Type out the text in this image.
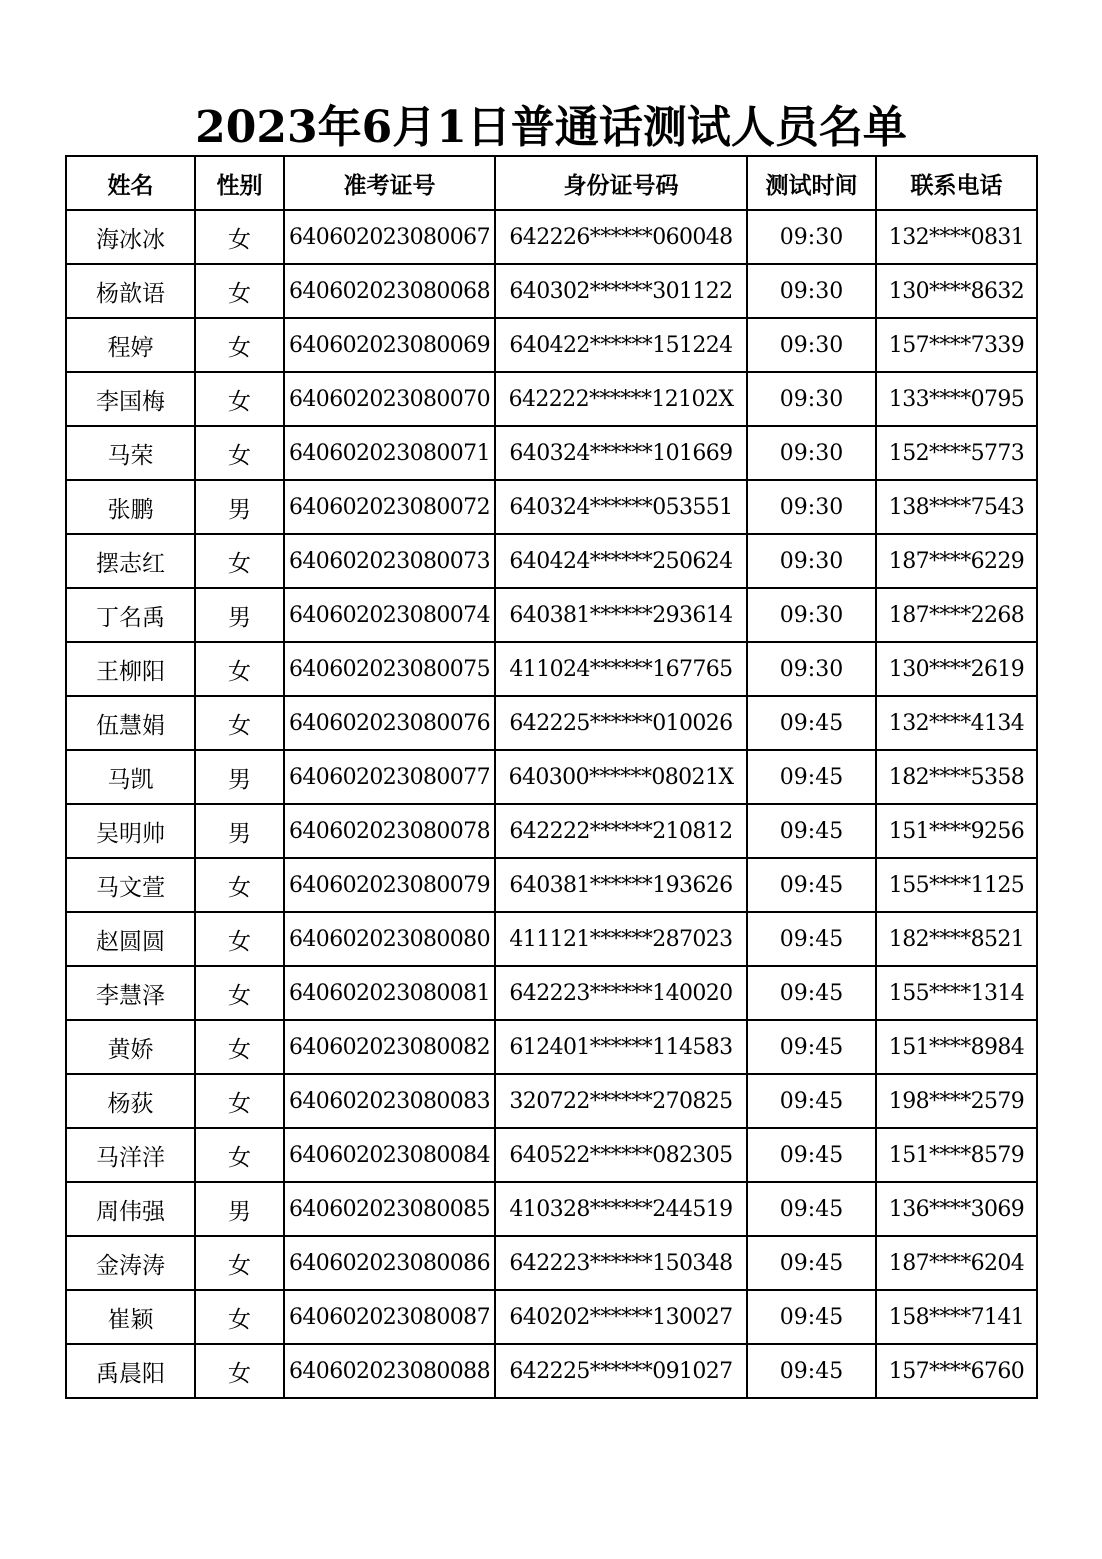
2023年6月1日普通话测试人员名单
姓名	性别	准考证号	身份证号码	测试时间	联系电话
海冰冰	女	640602023080067	642226******060048	09:30	132****0831
杨歆语	女	640602023080068	640302******301122	09:30	130****8632
程婷	女	640602023080069	640422******151224	09:30	157****7339
李国梅	女	640602023080070	642222******12102X	09:30	133****0795
马荣	女	640602023080071	640324******101669	09:30	152****5773
张鹏	男	640602023080072	640324******053551	09:30	138****7543
摆志红	女	640602023080073	640424******250624	09:30	187****6229
丁名禹	男	640602023080074	640381******293614	09:30	187****2268
王柳阳	女	640602023080075	411024******167765	09:30	130****2619
伍慧娟	女	640602023080076	642225******010026	09:45	132****4134
马凯	男	640602023080077	640300******08021X	09:45	182****5358
吴明帅	男	640602023080078	642222******210812	09:45	151****9256
马文萱	女	640602023080079	640381******193626	09:45	155****1125
赵圆圆	女	640602023080080	411121******287023	09:45	182****8521
李慧泽	女	640602023080081	642223******140020	09:45	155****1314
黄娇	女	640602023080082	612401******114583	09:45	151****8984
杨荻	女	640602023080083	320722******270825	09:45	198****2579
马洋洋	女	640602023080084	640522******082305	09:45	151****8579
周伟强	男	640602023080085	410328******244519	09:45	136****3069
金涛涛	女	640602023080086	642223******150348	09:45	187****6204
崔颖	女	640602023080087	640202******130027	09:45	158****7141
禹晨阳	女	640602023080088	642225******091027	09:45	157****6760
